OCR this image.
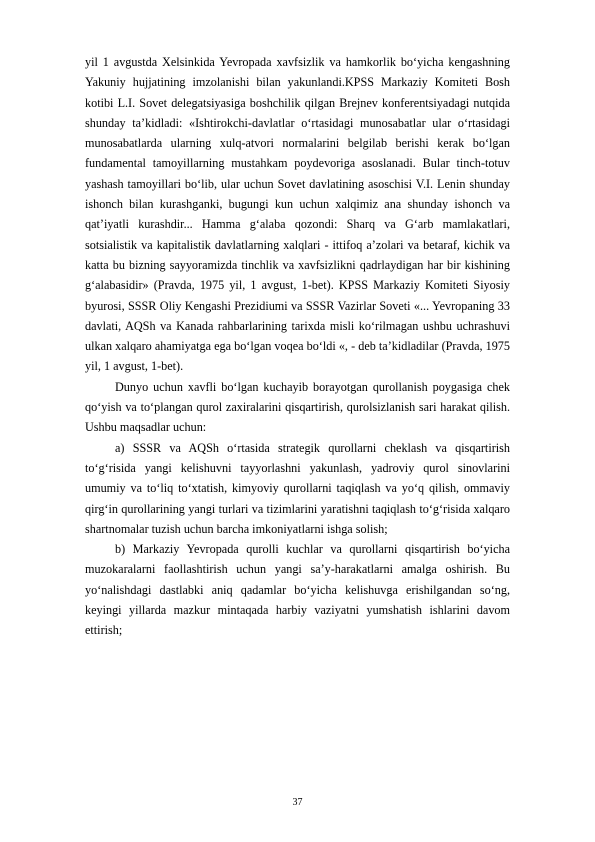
yil 1 avgustda Xelsinkida Yevropada xavfsizlik va hamkorlik bo‘yicha kengashning Yakuniy hujjatining imzolanishi bilan yakunlandi.KPSS Markaziy Komiteti Bosh kotibi L.I. Sovet delegatsiyasiga boshchilik qilgan Brejnev konferentsiyadagi nutqida shunday ta’kidladi: «Ishtirokchi-davlatlar o‘rtasidagi munosabatlar ular o‘rtasidagi munosabatlarda ularning xulq-atvori normalarini belgilab berishi kerak bo‘lgan fundamental tamoyillarning mustahkam poydevoriga asoslanadi. Bular tinch-totuv yashash tamoyillari bo‘lib, ular uchun Sovet davlatining asoschisi V.I. Lenin shunday ishonch bilan kurashganki, bugungi kun uchun xalqimiz ana shunday ishonch va qat’iyatli kurashdir... Hamma g‘alaba qozondi: Sharq va G‘arb mamlakatlari, sotsialistik va kapitalistik davlatlarning xalqlari - ittifoq a’zolari va betaraf, kichik va katta bu bizning sayyoramizda tinchlik va xavfsizlikni qadrlaydigan har bir kishining g‘alabasidir» (Pravda, 1975 yil, 1 avgust, 1-bet). KPSS Markaziy Komiteti Siyosiy byurosi, SSSR Oliy Kengashi Prezidiumi va SSSR Vazirlar Soveti «... Yevropaning 33 davlati, AQSh va Kanada rahbarlarining tarixda misli ko‘rilmagan ushbu uchrashuvi ulkan xalqaro ahamiyatga ega bo‘lgan voqea bo‘ldi «, - deb ta’kidladilar (Pravda, 1975 yil, 1 avgust, 1-bet).

Dunyo uchun xavfli bo‘lgan kuchayib borayotgan qurollanish poygasiga chek qo‘yish va to‘plangan qurol zaxiralarini qisqartirish, qurolsizlanish sari harakat qilish. Ushbu maqsadlar uchun:

a) SSSR va AQSh o‘rtasida strategik qurollarni cheklash va qisqartirish to‘g‘risida yangi kelishuvni tayyorlashni yakunlash, yadroviy qurol sinovlarini umumiy va to‘liq to‘xtatish, kimyoviy qurollarni taqiqlash va yo‘q qilish, ommaviy qirg‘in qurollarining yangi turlari va tizimlarini yaratishni taqiqlash to‘g‘risida xalqaro shartnomalar tuzish uchun barcha imkoniyatlarni ishga solish;

b) Markaziy Yevropada qurolli kuchlar va qurollarni qisqartirish bo‘yicha muzokaralarni faollashtirish uchun yangi sa’y-harakatlarni amalga oshirish. Bu yo‘nalishdagi dastlabki aniq qadamlar bo‘yicha kelishuvga erishilgandan so‘ng, keyingi yillarda mazkur mintaqada harbiy vaziyatni yumshatish ishlarini davom ettirish;

37
